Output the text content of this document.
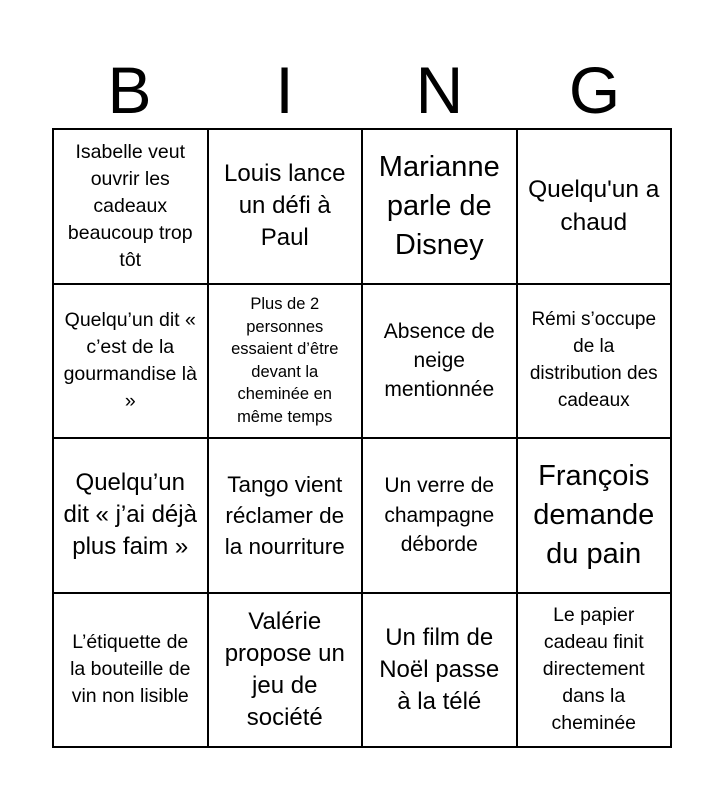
B	I	N	G
Isabelle veut ouvrir les cadeaux beaucoup trop tôt
Louis lance un défi à Paul
Marianne parle de Disney
Quelqu'un a chaud
Quelqu’un dit « c’est de la gourmandise là »
Plus de 2 personnes essaient d’être devant la cheminée en même temps
Absence de neige mentionnée
Rémi s’occupe de la distribution des cadeaux
Quelqu’un dit « j’ai déjà plus faim »
Tango vient réclamer de la nourriture
Un verre de champagne déborde
François demande du pain
L’étiquette de la bouteille de vin non lisible
Valérie propose un jeu de société
Un film de Noël passe à la télé
Le papier cadeau finit directement dans la cheminée
